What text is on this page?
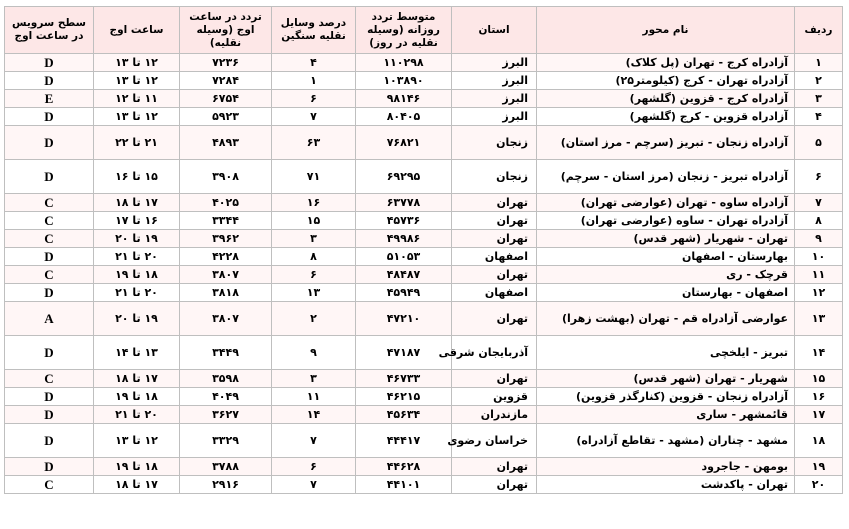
ردیف	نام محور	استان	متوسط تردد روزانه (وسیله نقلیه در روز)	درصد وسایل نقلیه سنگین	تردد در ساعت اوج (وسیله نقلیه)	ساعت اوج	سطح سرویس در ساعت اوج
۱	آزادراه کرج - تهران (پل کلاک)	البرز	۱۱۰۲۹۸	۴	۷۲۳۶	۱۲ تا ۱۳	D
۲	آزادراه تهران - کرج (کیلومتر۲۵)	البرز	۱۰۳۸۹۰	۱	۷۲۸۴	۱۲ تا ۱۳	D
۳	آزادراه کرج - قزوین (گلشهر)	البرز	۹۸۱۴۶	۶	۶۷۵۴	۱۱ تا ۱۲	E
۴	آزادراه قزوین - کرج (گلشهر)	البرز	۸۰۴۰۵	۷	۵۹۲۳	۱۲ تا ۱۳	D
۵	آزادراه زنجان - تبریز (سرچم - مرز استان)	زنجان	۷۶۸۲۱	۶۳	۴۸۹۳	۲۱ تا ۲۲	D
۶	آزادراه تبریز - زنجان (مرز استان - سرچم)	زنجان	۶۹۲۹۵	۷۱	۳۹۰۸	۱۵ تا ۱۶	D
۷	آزادراه ساوه - تهران (عوارضی تهران)	تهران	۶۳۷۷۸	۱۶	۴۰۲۵	۱۷ تا ۱۸	C
۸	آزادراه تهران - ساوه (عوارضی تهران)	تهران	۴۵۷۳۶	۱۵	۳۳۴۴	۱۶ تا ۱۷	C
۹	تهران - شهریار (شهر قدس)	تهران	۴۹۹۸۶	۳	۳۹۶۲	۱۹ تا ۲۰	C
۱۰	بهارستان - اصفهان	اصفهان	۵۱۰۵۳	۸	۴۲۲۸	۲۰ تا ۲۱	D
۱۱	قرچک - ری	تهران	۴۸۴۸۷	۶	۳۸۰۷	۱۸ تا ۱۹	C
۱۲	اصفهان - بهارستان	اصفهان	۴۵۹۴۹	۱۳	۳۸۱۸	۲۰ تا ۲۱	D
۱۳	عوارضی آزادراه قم - تهران (بهشت زهرا)	تهران	۴۷۲۱۰	۲	۳۸۰۷	۱۹ تا ۲۰	A
۱۴	تبریز - ایلخچی	آذربایجان شرقی	۴۷۱۸۷	۹	۳۴۴۹	۱۳ تا ۱۴	D
۱۵	شهریار - تهران (شهر قدس)	تهران	۴۶۷۳۳	۳	۳۵۹۸	۱۷ تا ۱۸	C
۱۶	آزادراه زنجان - قزوین (کنارگذر قزوین)	قزوین	۴۶۲۱۵	۱۱	۴۰۴۹	۱۸ تا ۱۹	D
۱۷	قائمشهر - ساری	مازندران	۴۵۶۳۴	۱۴	۳۶۲۷	۲۰ تا ۲۱	D
۱۸	مشهد - چناران (مشهد - تقاطع آزادراه)	خراسان رضوی	۴۴۴۱۷	۷	۳۳۲۹	۱۲ تا ۱۳	D
۱۹	بومهن - جاجرود	تهران	۴۴۶۲۸	۶	۳۷۸۸	۱۸ تا ۱۹	D
۲۰	تهران - پاکدشت	تهران	۴۴۱۰۱	۷	۲۹۱۶	۱۷ تا ۱۸	C
